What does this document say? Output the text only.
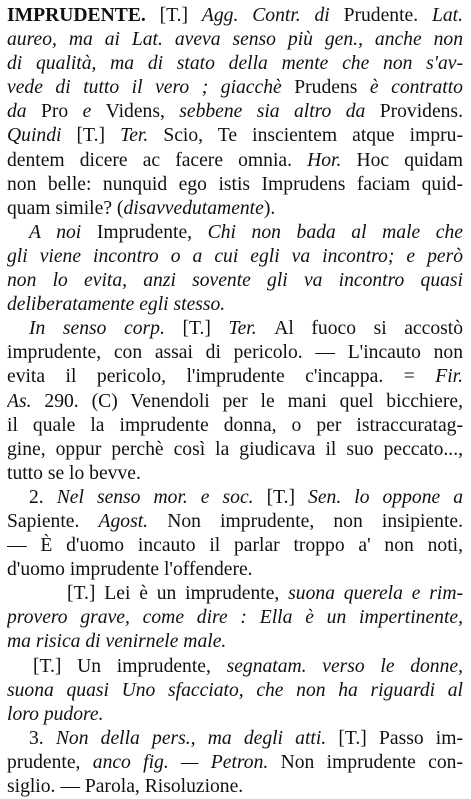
IMPRUDENTE. [T.] Agg. Contr. di Prudente. Lat.
aureo, ma ai Lat. aveva senso più gen., anche non
di qualità, ma di stato della mente che non s'av-
vede di tutto il vero ; giacchè Prudens è contratto
da Pro e Videns, sebbene sia altro da Providens.
Quindi [T.] Ter. Scio, Te inscientem atque impru-
dentem dicere ac facere omnia. Hor. Hoc quidam
non belle: nunquid ego istis Imprudens faciam quid-
quam simile? (disavvedutamente).
A noi Imprudente, Chi non bada al male che
gli viene incontro o a cui egli va incontro; e però
non lo evita, anzi sovente gli va incontro quasi
deliberatamente egli stesso.
In senso corp. [T.] Ter. Al fuoco si accostò
imprudente, con assai di pericolo. — L'incauto non
evita il pericolo, l'imprudente c'incappa. = Fir.
As. 290. (C) Venendoli per le mani quel bicchiere,
il quale la imprudente donna, o per istraccuratag-
gine, oppur perchè così la giudicava il suo peccato...,
tutto se lo bevve.
2. Nel senso mor. e soc. [T.] Sen. lo oppone a
Sapiente. Agost. Non imprudente, non insipiente.
— È d'uomo incauto il parlar troppo a' non noti,
d'uomo imprudente l'offendere.
[T.] Lei è un imprudente, suona querela e rim-
provero grave, come dire : Ella è un impertinente,
ma risica di venirnele male.
[T.] Un imprudente, segnatam. verso le donne,
suona quasi Uno sfacciato, che non ha riguardi al
loro pudore.
3. Non della pers., ma degli atti. [T.] Passo im-
prudente, anco fig. — Petron. Non imprudente con-
siglio. — Parola, Risoluzione.
